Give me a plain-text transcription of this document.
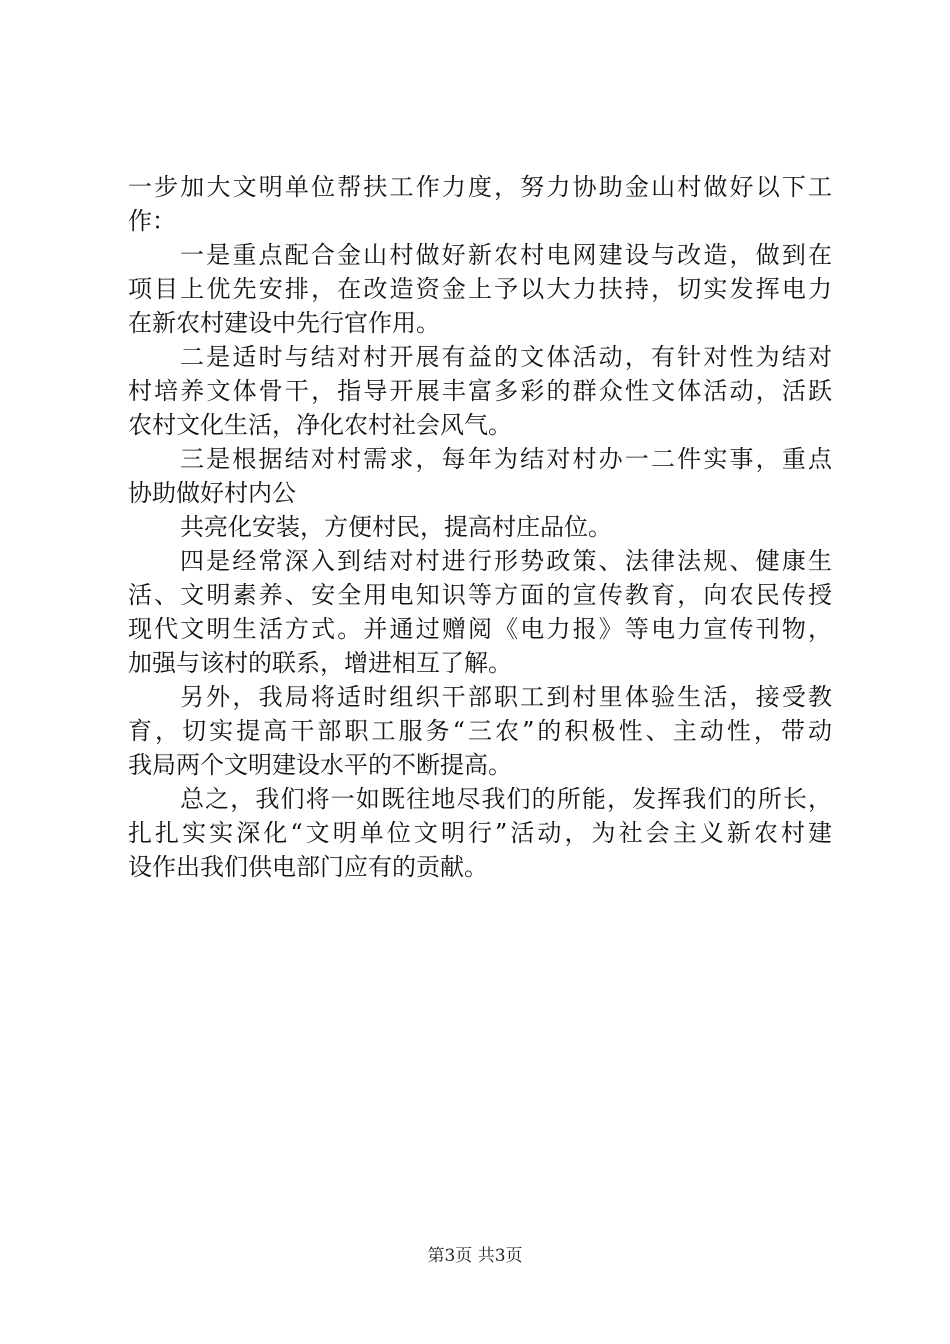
一步加大文明单位帮扶工作力度，努力协助金山村做好以下工
作：
一是重点配合金山村做好新农村电网建设与改造，做到在
项目上优先安排，在改造资金上予以大力扶持，切实发挥电力
在新农村建设中先行官作用。
二是适时与结对村开展有益的文体活动，有针对性为结对
村培养文体骨干，指导开展丰富多彩的群众性文体活动，活跃
农村文化生活，净化农村社会风气。
三是根据结对村需求，每年为结对村办一二件实事，重点
协助做好村内公
共亮化安装，方便村民，提高村庄品位。
四是经常深入到结对村进行形势政策、法律法规、健康生
活、文明素养、安全用电知识等方面的宣传教育，向农民传授
现代文明生活方式。并通过赠阅《电力报》等电力宣传刊物，
加强与该村的联系，增进相互了解。
另外，我局将适时组织干部职工到村里体验生活，接受教
育，切实提高干部职工服务“三农”的积极性、主动性，带动
我局两个文明建设水平的不断提高。
总之，我们将一如既往地尽我们的所能，发挥我们的所长，
扎扎实实深化“文明单位文明行”活动，为社会主义新农村建
设作出我们供电部门应有的贡献。
第3页 共3页
